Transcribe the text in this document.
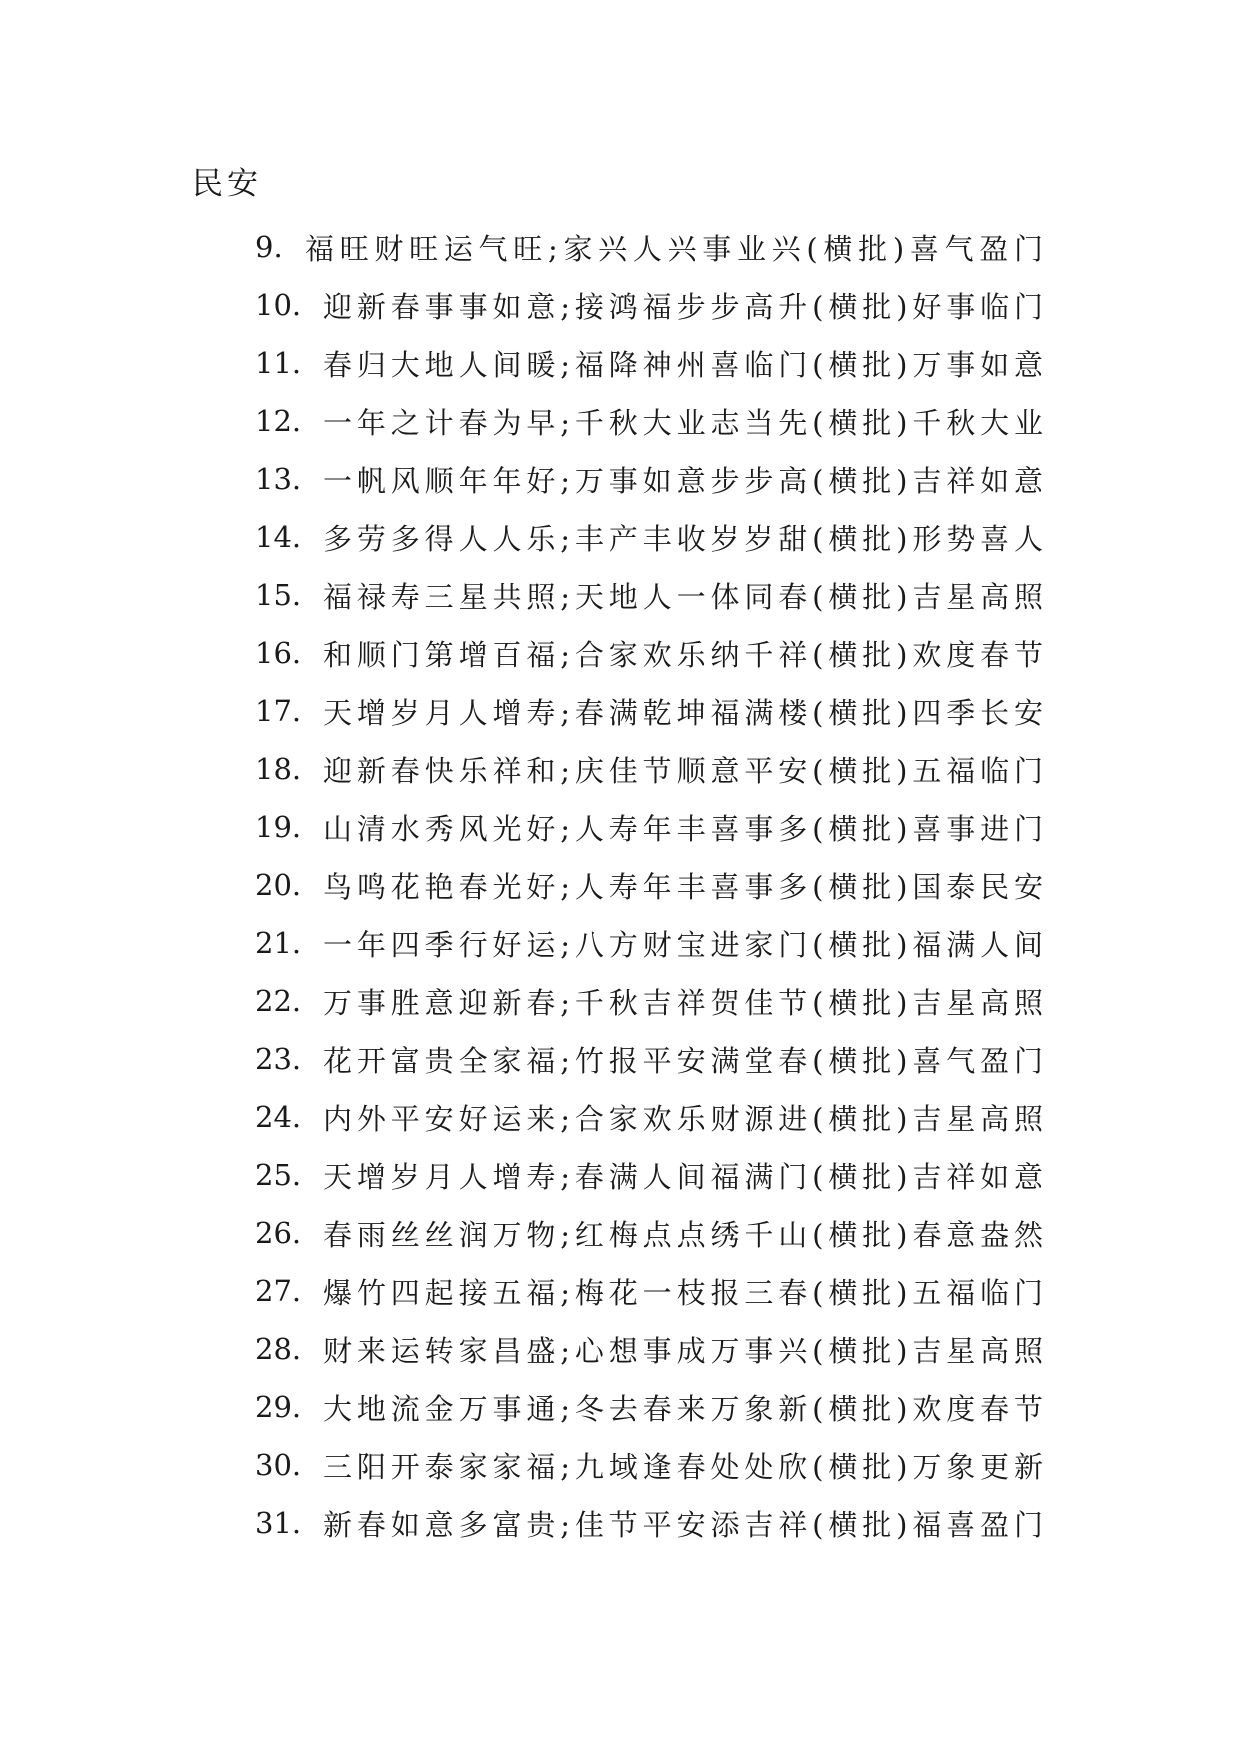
民安
9. 福旺财旺运气旺;家兴人兴事业兴(横批)喜气盈门
10. 迎新春事事如意;接鸿福步步高升(横批)好事临门
11. 春归大地人间暖;福降神州喜临门(横批)万事如意
12. 一年之计春为早;千秋大业志当先(横批)千秋大业
13. 一帆风顺年年好;万事如意步步高(横批)吉祥如意
14. 多劳多得人人乐;丰产丰收岁岁甜(横批)形势喜人
15. 福禄寿三星共照;天地人一体同春(横批)吉星高照
16. 和顺门第增百福;合家欢乐纳千祥(横批)欢度春节
17. 天增岁月人增寿;春满乾坤福满楼(横批)四季长安
18. 迎新春快乐祥和;庆佳节顺意平安(横批)五福临门
19. 山清水秀风光好;人寿年丰喜事多(横批)喜事进门
20. 鸟鸣花艳春光好;人寿年丰喜事多(横批)国泰民安
21. 一年四季行好运;八方财宝进家门(横批)福满人间
22. 万事胜意迎新春;千秋吉祥贺佳节(横批)吉星高照
23. 花开富贵全家福;竹报平安满堂春(横批)喜气盈门
24. 内外平安好运来;合家欢乐财源进(横批)吉星高照
25. 天增岁月人增寿;春满人间福满门(横批)吉祥如意
26. 春雨丝丝润万物;红梅点点绣千山(横批)春意盎然
27. 爆竹四起接五福;梅花一枝报三春(横批)五福临门
28. 财来运转家昌盛;心想事成万事兴(横批)吉星高照
29. 大地流金万事通;冬去春来万象新(横批)欢度春节
30. 三阳开泰家家福;九域逢春处处欣(横批)万象更新
31. 新春如意多富贵;佳节平安添吉祥(横批)福喜盈门
